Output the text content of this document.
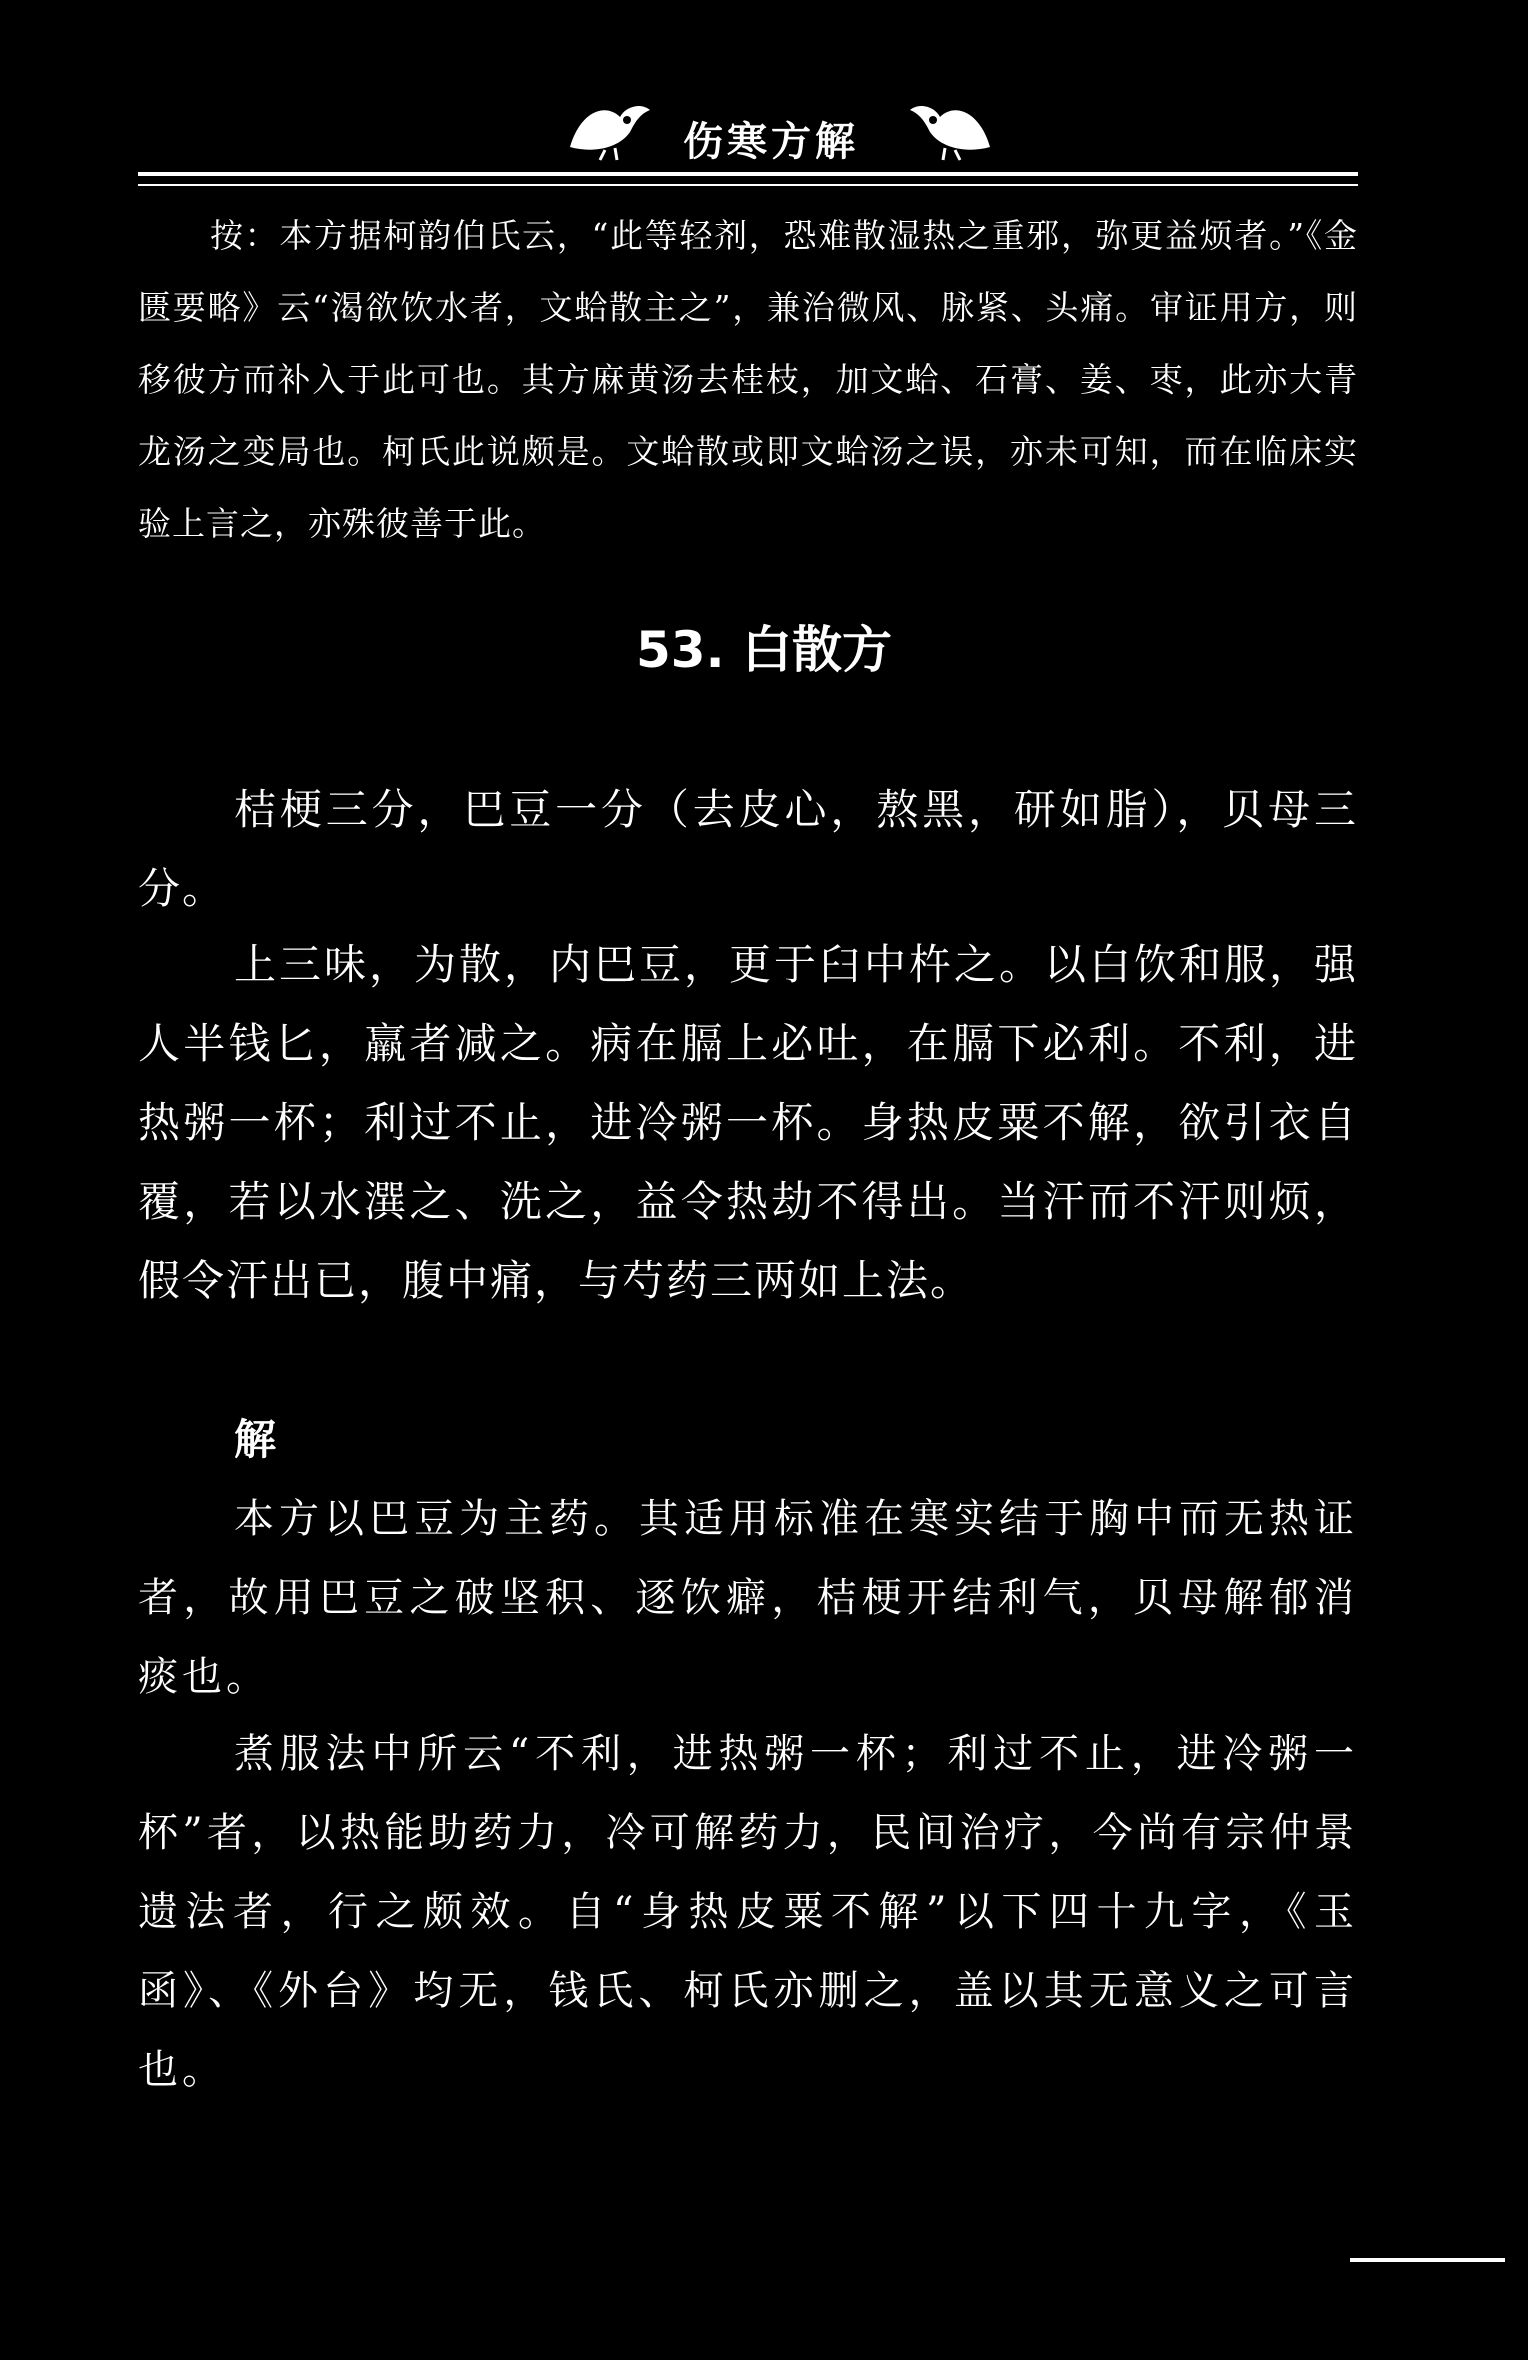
伤寒方解

按：本方据柯韵伯氏云，“此等轻剂，恐难散湿热之重邪，弥更益烦者。”《金匮要略》云“渴欲饮水者，文蛤散主之”，兼治微风、脉紧、头痛。审证用方，则移彼方而补入于此可也。其方麻黄汤去桂枝，加文蛤、石膏、姜、枣，此亦大青龙汤之变局也。柯氏此说颇是。文蛤散或即文蛤汤之误，亦未可知，而在临床实验上言之，亦殊彼善于此。

53. 白散方

桔梗三分，巴豆一分（去皮心，熬黑，研如脂），贝母三分。

上三味，为散，内巴豆，更于臼中杵之。以白饮和服，强人半钱匕，羸者减之。病在膈上必吐，在膈下必利。不利，进热粥一杯；利过不止，进冷粥一杯。身热皮粟不解，欲引衣自覆，若以水潠之、洗之，益令热劫不得出。当汗而不汗则烦，假令汗出已，腹中痛，与芍药三两如上法。

解

本方以巴豆为主药。其适用标准在寒实结于胸中而无热证者，故用巴豆之破坚积、逐饮癖，桔梗开结利气，贝母解郁消痰也。

煮服法中所云“不利，进热粥一杯；利过不止，进冷粥一杯”者，以热能助药力，冷可解药力，民间治疗，今尚有宗仲景遗法者，行之颇效。自“身热皮粟不解”以下四十九字，《玉函》、《外台》均无，钱氏、柯氏亦删之，盖以其无意义之可言也。
